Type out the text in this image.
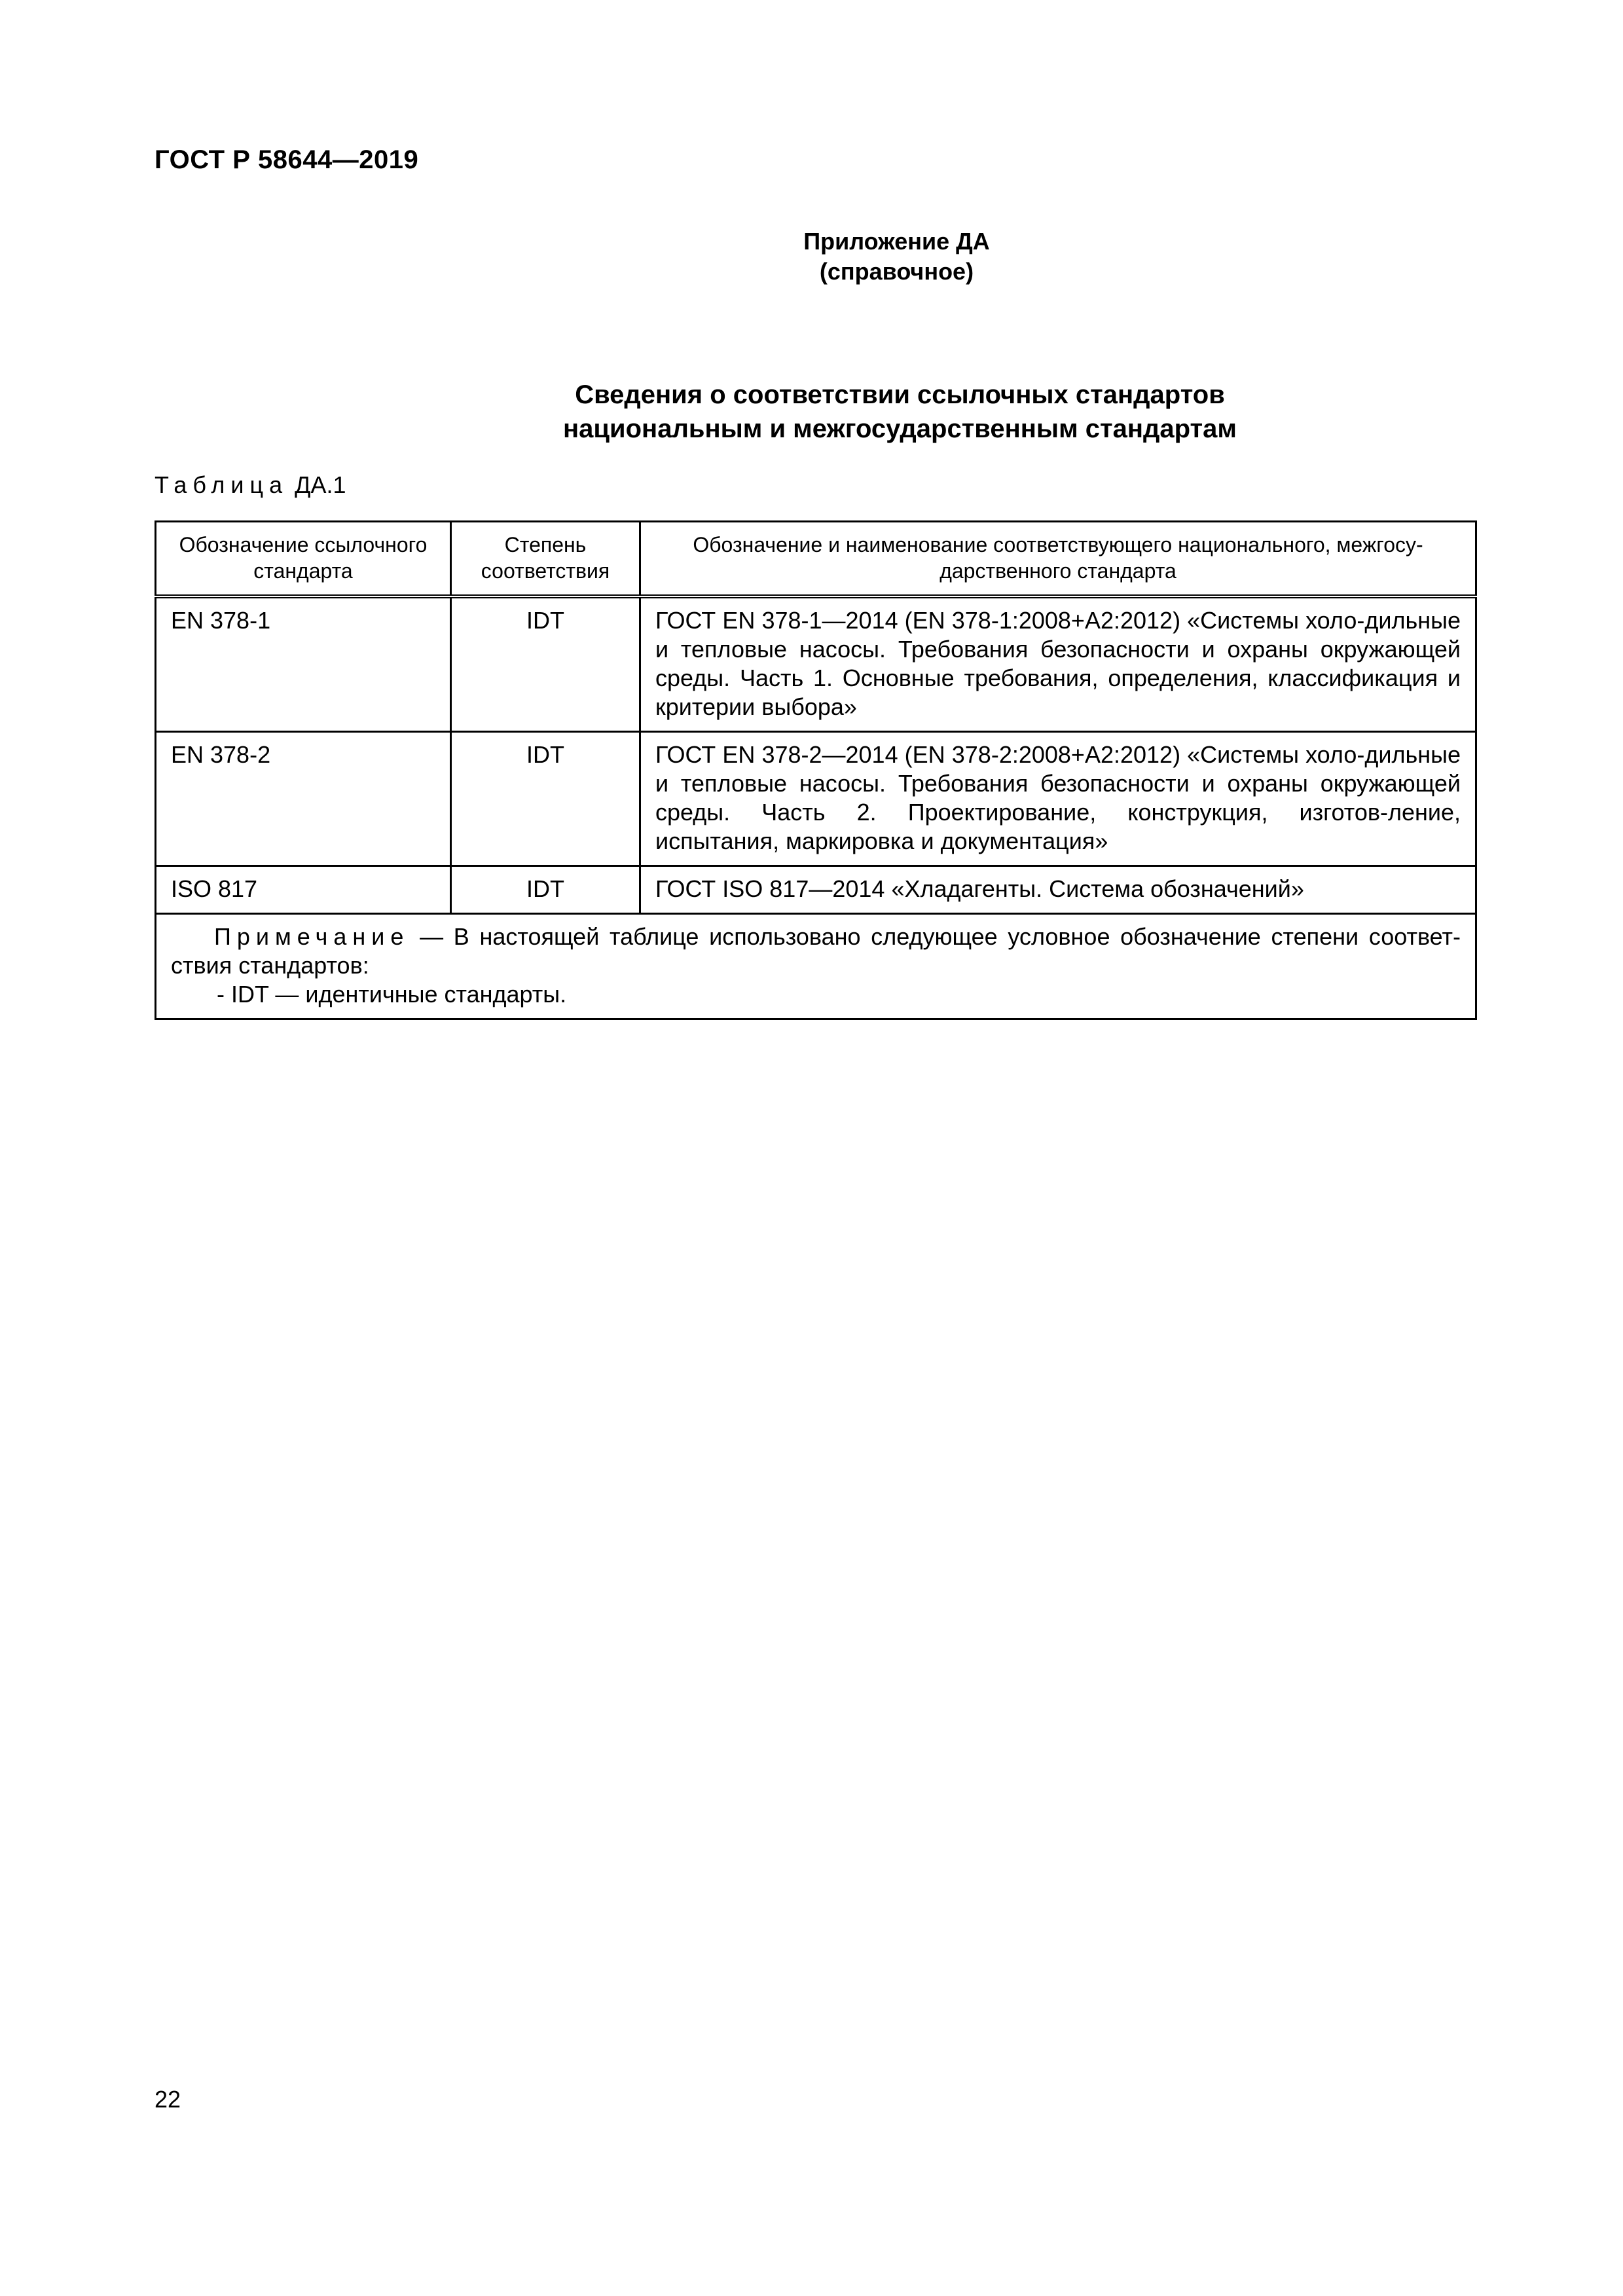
ГОСТ Р 58644—2019
Приложение ДА
(справочное)
Сведения о соответствии ссылочных стандартов
национальным и межгосударственным стандартам
Таблица ДА.1
Обозначение ссылочного стандарта	Степень соответствия	Обозначение и наименование соответствующего национального, межгосу-дарственного стандарта
EN 378-1	IDT	ГОСТ EN 378-1—2014 (EN 378-1:2008+A2:2012) «Системы холо-дильные и тепловые насосы. Требования безопасности и охраны окружающей среды. Часть 1. Основные требования, определения, классификация и критерии выбора»
EN 378-2	IDT	ГОСТ EN 378-2—2014 (EN 378-2:2008+A2:2012) «Системы холо-дильные и тепловые насосы. Требования безопасности и охраны окружающей среды. Часть 2. Проектирование, конструкция, изготов-ление, испытания, маркировка и документация»
ISO 817	IDT	ГОСТ ISO 817—2014 «Хладагенты. Система обозначений»

Примечание — В настоящей таблице использовано следующее условное обозначение степени соответ-ствия стандартов:
- IDT — идентичные стандарты.		
22
